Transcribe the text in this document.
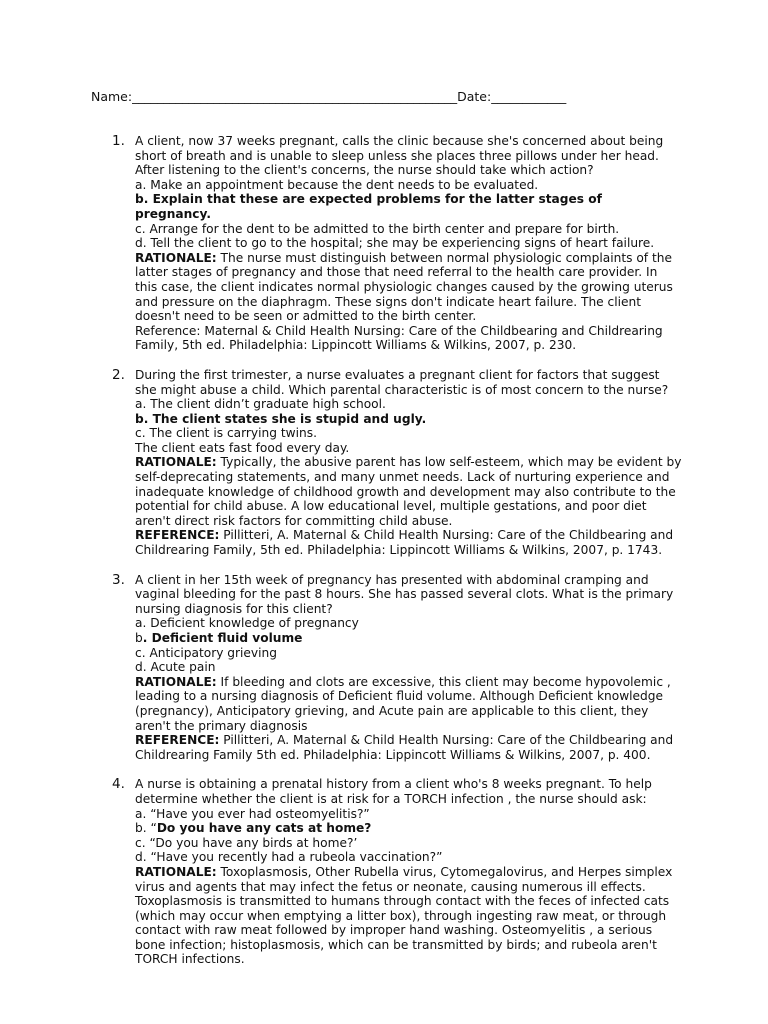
Name:____________________________________________________Date:____________
1. A client, now 37 weeks pregnant, calls the clinic because she's concerned about being short of breath and is unable to sleep unless she places three pillows under her head. After listening to the client's concerns, the nurse should take which action?
a. Make an appointment because the dent needs to be evaluated.
b. Explain that these are expected problems for the latter stages of pregnancy.
c. Arrange for the dent to be admitted to the birth center and prepare for birth.
d. Tell the client to go to the hospital; she may be experiencing signs of heart failure.
RATIONALE: The nurse must distinguish between normal physiologic complaints of the latter stages of pregnancy and those that need referral to the health care provider. In this case, the client indicates normal physiologic changes caused by the growing uterus and pressure on the diaphragm. These signs don't indicate heart failure. The client doesn't need to be seen or admitted to the birth center.
Reference: Maternal & Child Health Nursing: Care of the Childbearing and Childrearing Family, 5th ed. Philadelphia: Lippincott Williams & Wilkins, 2007, p. 230.
2. During the first trimester, a nurse evaluates a pregnant client for factors that suggest she might abuse a child. Which parental characteristic is of most concern to the nurse?
a. The client didn’t graduate high school.
b. The client states she is stupid and ugly.
c. The client is carrying twins.
The client eats fast food every day.
RATIONALE: Typically, the abusive parent has low self-esteem, which may be evident by self-deprecating statements, and many unmet needs. Lack of nurturing experience and inadequate knowledge of childhood growth and development may also contribute to the potential for child abuse. A low educational level, multiple gestations, and poor diet aren't direct risk factors for committing child abuse.
REFERENCE: Pillitteri, A. Maternal & Child Health Nursing: Care of the Childbearing and Childrearing Family, 5th ed. Philadelphia: Lippincott Williams & Wilkins, 2007, p. 1743.
3. A client in her 15th week of pregnancy has presented with abdominal cramping and vaginal bleeding for the past 8 hours. She has passed several clots. What is the primary nursing diagnosis for this client?
a. Deficient knowledge of pregnancy
b. Deficient fluid volume
c. Anticipatory grieving
d. Acute pain
RATIONALE: If bleeding and clots are excessive, this client may become hypovolemic , leading to a nursing diagnosis of Deficient fluid volume. Although Deficient knowledge (pregnancy), Anticipatory grieving, and Acute pain are applicable to this client, they aren't the primary diagnosis
REFERENCE: Pillitteri, A. Maternal & Child Health Nursing: Care of the Childbearing and Childrearing Family 5th ed. Philadelphia: Lippincott Williams & Wilkins, 2007, p. 400.
4. A nurse is obtaining a prenatal history from a client who's 8 weeks pregnant. To help determine whether the client is at risk for a TORCH infection , the nurse should ask:
a. “Have you ever had osteomyelitis?”
b. “Do you have any cats at home?
c. “Do you have any birds at home?’
d. “Have you recently had a rubeola vaccination?”
RATIONALE: Toxoplasmosis, Other Rubella virus, Cytomegalovirus, and Herpes simplex virus and agents that may infect the fetus or neonate, causing numerous ill effects. Toxoplasmosis is transmitted to humans through contact with the feces of infected cats (which may occur when emptying a litter box), through ingesting raw meat, or through contact with raw meat followed by improper hand washing. Osteomyelitis , a serious bone infection; histoplasmosis, which can be transmitted by birds; and rubeola aren't TORCH infections.
